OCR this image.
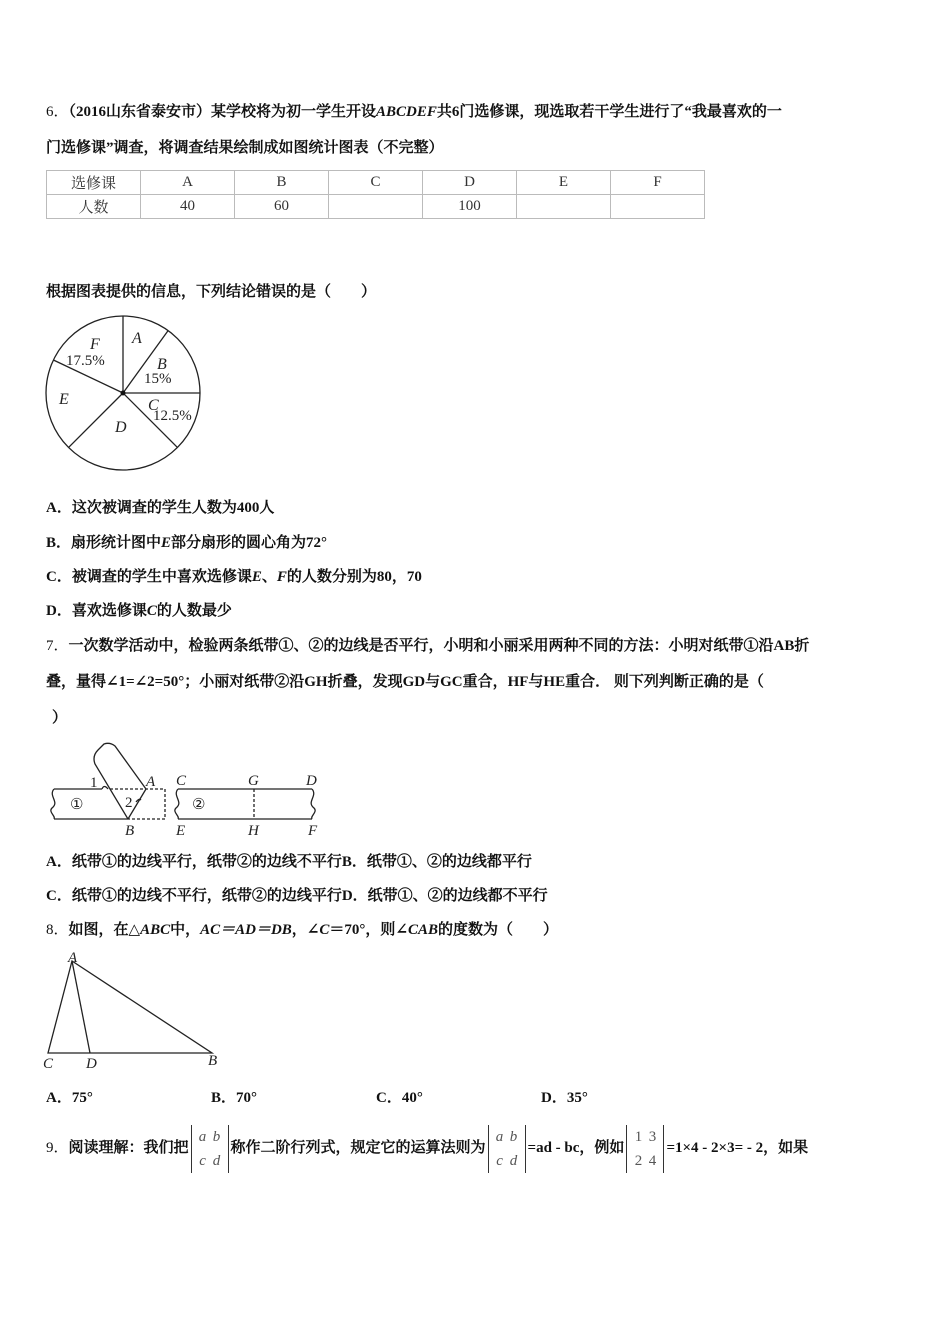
6．（2016山东省泰安市）某学校将为初一学生开设ABCDEF共6门选修课，现选取若干学生进行了“我最喜欢的一
门选修课”调查，将调查结果绘制成如图统计图表（不完整）
选修课	A	B	C	D	E	F
人数	40	60		100		
根据图表提供的信息，下列结论错误的是（　　）
A
B
C
D
E
F
15%
12.5%
17.5%
A．这次被调查的学生人数为400人
B．扇形统计图中E部分扇形的圆心角为72°
C．被调查的学生中喜欢选修课E、F的人数分别为80，70
D．喜欢选修课C的人数最少
7．一次数学活动中，检验两条纸带①、②的边线是否平行，小明和小丽采用两种不同的方法：小明对纸带①沿AB折
叠，量得∠1=∠2=50°；小丽对纸带②沿GH折叠，发现GD与GC重合，HF与HE重合． 则下列判断正确的是（
）
①	②
1
2
A
B
C	G	D
E	H	F
A．纸带①的边线平行，纸带②的边线不平行B．纸带①、②的边线都平行
C．纸带①的边线不平行，纸带②的边线平行D．纸带①、②的边线都不平行
8．如图，在△ABC中，AC＝AD＝DB，∠C＝70°，则∠CAB的度数为（　　）
A
C D	B
A．75°	B．70°	C．40°	D．35°
9．阅读理解：我们把a b
c d称作二阶行列式，规定它的运算法则为a b
c d=ad - bc，例如1 3
2 4=1×4 - 2×3= - 2，如果
